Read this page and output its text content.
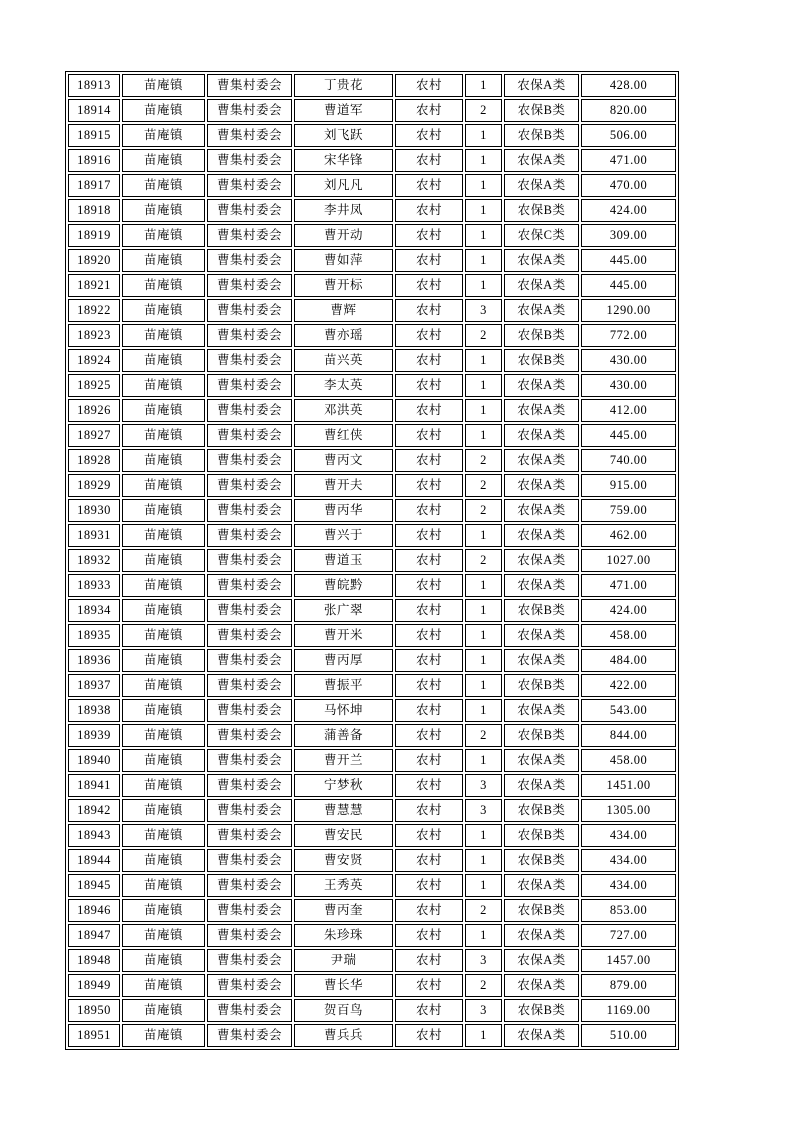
18913	苗庵镇	曹集村委会	丁贵花	农村	1	农保A类	428.00
18914	苗庵镇	曹集村委会	曹道军	农村	2	农保B类	820.00
18915	苗庵镇	曹集村委会	刘飞跃	农村	1	农保B类	506.00
18916	苗庵镇	曹集村委会	宋华锋	农村	1	农保A类	471.00
18917	苗庵镇	曹集村委会	刘凡凡	农村	1	农保A类	470.00
18918	苗庵镇	曹集村委会	李井凤	农村	1	农保B类	424.00
18919	苗庵镇	曹集村委会	曹开动	农村	1	农保C类	309.00
18920	苗庵镇	曹集村委会	曹如萍	农村	1	农保A类	445.00
18921	苗庵镇	曹集村委会	曹开标	农村	1	农保A类	445.00
18922	苗庵镇	曹集村委会	曹辉	农村	3	农保A类	1290.00
18923	苗庵镇	曹集村委会	曹亦瑶	农村	2	农保B类	772.00
18924	苗庵镇	曹集村委会	苗兴英	农村	1	农保B类	430.00
18925	苗庵镇	曹集村委会	李太英	农村	1	农保A类	430.00
18926	苗庵镇	曹集村委会	邓洪英	农村	1	农保A类	412.00
18927	苗庵镇	曹集村委会	曹红侠	农村	1	农保A类	445.00
18928	苗庵镇	曹集村委会	曹丙文	农村	2	农保A类	740.00
18929	苗庵镇	曹集村委会	曹开夫	农村	2	农保A类	915.00
18930	苗庵镇	曹集村委会	曹丙华	农村	2	农保A类	759.00
18931	苗庵镇	曹集村委会	曹兴于	农村	1	农保A类	462.00
18932	苗庵镇	曹集村委会	曹道玉	农村	2	农保A类	1027.00
18933	苗庵镇	曹集村委会	曹皖黔	农村	1	农保A类	471.00
18934	苗庵镇	曹集村委会	张广翠	农村	1	农保B类	424.00
18935	苗庵镇	曹集村委会	曹开米	农村	1	农保A类	458.00
18936	苗庵镇	曹集村委会	曹丙厚	农村	1	农保A类	484.00
18937	苗庵镇	曹集村委会	曹振平	农村	1	农保B类	422.00
18938	苗庵镇	曹集村委会	马怀坤	农村	1	农保A类	543.00
18939	苗庵镇	曹集村委会	蒲善备	农村	2	农保B类	844.00
18940	苗庵镇	曹集村委会	曹开兰	农村	1	农保A类	458.00
18941	苗庵镇	曹集村委会	宁梦秋	农村	3	农保A类	1451.00
18942	苗庵镇	曹集村委会	曹慧慧	农村	3	农保B类	1305.00
18943	苗庵镇	曹集村委会	曹安民	农村	1	农保B类	434.00
18944	苗庵镇	曹集村委会	曹安贤	农村	1	农保B类	434.00
18945	苗庵镇	曹集村委会	王秀英	农村	1	农保A类	434.00
18946	苗庵镇	曹集村委会	曹丙奎	农村	2	农保B类	853.00
18947	苗庵镇	曹集村委会	朱珍珠	农村	1	农保A类	727.00
18948	苗庵镇	曹集村委会	尹瑞	农村	3	农保A类	1457.00
18949	苗庵镇	曹集村委会	曹长华	农村	2	农保A类	879.00
18950	苗庵镇	曹集村委会	贺百鸟	农村	3	农保B类	1169.00
18951	苗庵镇	曹集村委会	曹兵兵	农村	1	农保A类	510.00
